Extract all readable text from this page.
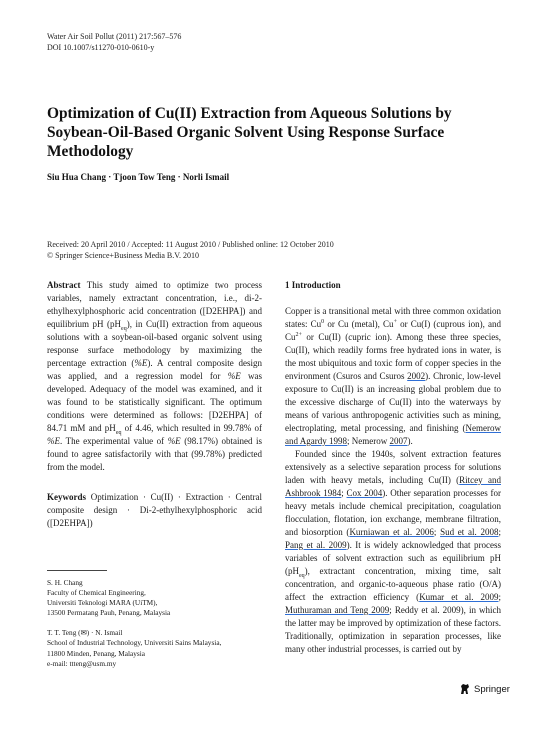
Water Air Soil Pollut (2011) 217:567–576
DOI 10.1007/s11270-010-0610-y
Optimization of Cu(II) Extraction from Aqueous Solutions by Soybean-Oil-Based Organic Solvent Using Response Surface Methodology
Siu Hua Chang · Tjoon Tow Teng · Norli Ismail
Received: 20 April 2010 / Accepted: 11 August 2010 / Published online: 12 October 2010
© Springer Science+Business Media B.V. 2010
Abstract This study aimed to optimize two process variables, namely extractant concentration, i.e., di-2-ethylhexylphosphoric acid concentration ([D2EHPA]) and equilibrium pH $(pH_{eq})$, in Cu(II) extraction from aqueous solutions with a soybean-oil-based organic solvent using response surface methodology by maximizing the percentage extraction (%E). A central composite design was applied, and a regression model for %E was developed. Adequacy of the model was examined, and it was found to be statistically significant. The optimum conditions were determined as follows: [D2EHPA] of 84.71 mM and $pH_{eq}$ of 4.46, which resulted in 99.78% of %E. The experimental value of %E (98.17%) obtained is found to agree satisfactorily with that (99.78%) predicted from the model.
Keywords Optimization · Cu(II) · Extraction · Central composite design · Di-2-ethylhexylphosphoric acid ([D2EHPA])
S. H. Chang
Faculty of Chemical Engineering,
Universiti Teknologi MARA (UiTM),
13500 Permatang Pauh, Penang, Malaysia
T. T. Teng (✉) · N. Ismail
School of Industrial Technology, Universiti Sains Malaysia,
11800 Minden, Penang, Malaysia
e-mail: ttteng@usm.my
1 Introduction

Copper is a transitional metal with three common oxidation states: Cu$^0$ or Cu (metal), Cu+ or Cu(I) (cuprous ion), and $Cu^{2+}$ or Cu(II) (cupric ion). Among these three species, Cu(II), which readily forms free hydrated ions in water, is the most ubiquitous and toxic form of copper species in the environment (Csuros and Csuros 2002). Chronic, low-level exposure to Cu(II) is an increasing global problem due to the excessive discharge of Cu(II) into the waterways by means of various anthropogenic activities such as mining, electroplating, metal processing, and finishing (Nemerow and Agardy 1998; Nemerow 2007).

Founded since the 1940s, solvent extraction features extensively as a selective separation process for solutions laden with heavy metals, including Cu(II) (Ritcey and Ashbrook 1984; Cox 2004). Other separation processes for heavy metals include chemical precipitation, coagulation flocculation, flotation, ion exchange, membrane filtration, and biosorption (Kurniawan et al. 2006; Sud et al. 2008; Pang et al. 2009). It is widely acknowledged that process variables of solvent extraction such as equilibrium pH $(pH_{eq})$, extractant concentration, mixing time, salt concentration, and organic-to-aqueous phase ratio (O/A) affect the extraction efficiency (Kumar et al. 2009; Muthuraman and Teng 2009; Reddy et al. 2009), in which the latter may be improved by optimization of these factors. Traditionally, optimization in separation processes, like many other industrial processes, is carried out by

Springer
